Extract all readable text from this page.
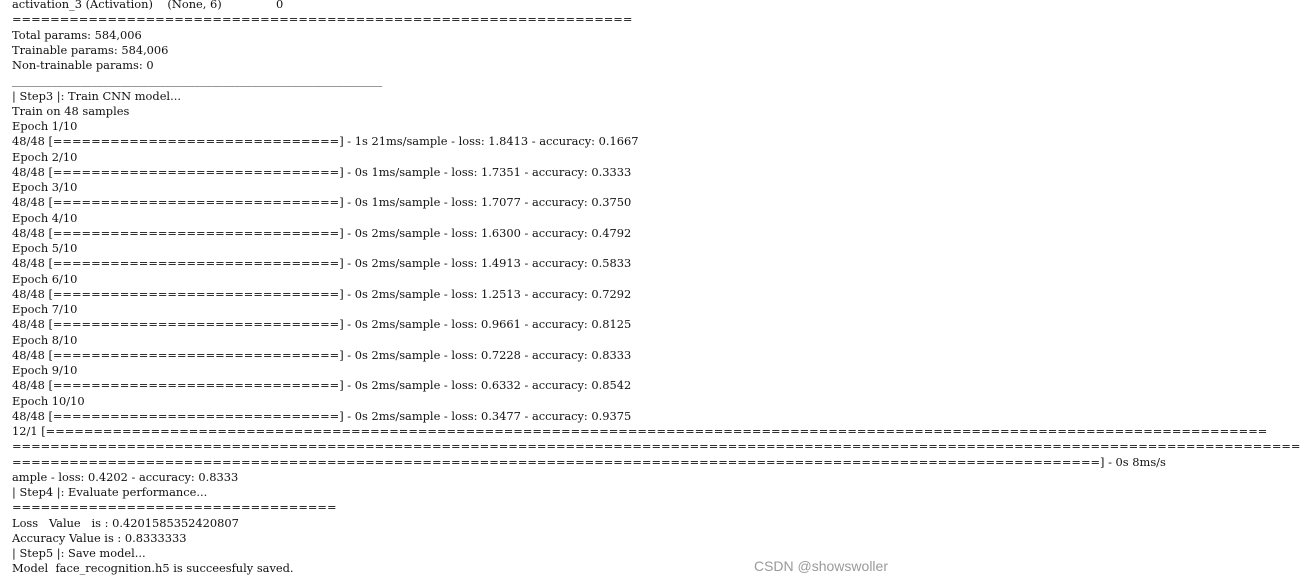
activation_3 (Activation)    (None, 6)               0
=================================================================
Total params: 584,006
Trainable params: 584,006
Non-trainable params: 0
_________________________________________________________________
| Step3 |: Train CNN model...
Train on 48 samples
Epoch 1/10
48/48 [==============================] - 1s 21ms/sample - loss: 1.8413 - accuracy: 0.1667
Epoch 2/10
48/48 [==============================] - 0s 1ms/sample - loss: 1.7351 - accuracy: 0.3333
Epoch 3/10
48/48 [==============================] - 0s 1ms/sample - loss: 1.7077 - accuracy: 0.3750
Epoch 4/10
48/48 [==============================] - 0s 2ms/sample - loss: 1.6300 - accuracy: 0.4792
Epoch 5/10
48/48 [==============================] - 0s 2ms/sample - loss: 1.4913 - accuracy: 0.5833
Epoch 6/10
48/48 [==============================] - 0s 2ms/sample - loss: 1.2513 - accuracy: 0.7292
Epoch 7/10
48/48 [==============================] - 0s 2ms/sample - loss: 0.9661 - accuracy: 0.8125
Epoch 8/10
48/48 [==============================] - 0s 2ms/sample - loss: 0.7228 - accuracy: 0.8333
Epoch 9/10
48/48 [==============================] - 0s 2ms/sample - loss: 0.6332 - accuracy: 0.8542
Epoch 10/10
48/48 [==============================] - 0s 2ms/sample - loss: 0.3477 - accuracy: 0.9375
12/1 [================================================================================================================================
=======================================================================================================================================
==================================================================================================================] - 0s 8ms/s
ample - loss: 0.4202 - accuracy: 0.8333
| Step4 |: Evaluate performance...
==================================
Loss   Value   is : 0.4201585352420807
Accuracy Value is : 0.8333333
| Step5 |: Save model...
Model  face_recognition.h5 is succeesfuly saved.	CSDN @showswoller
